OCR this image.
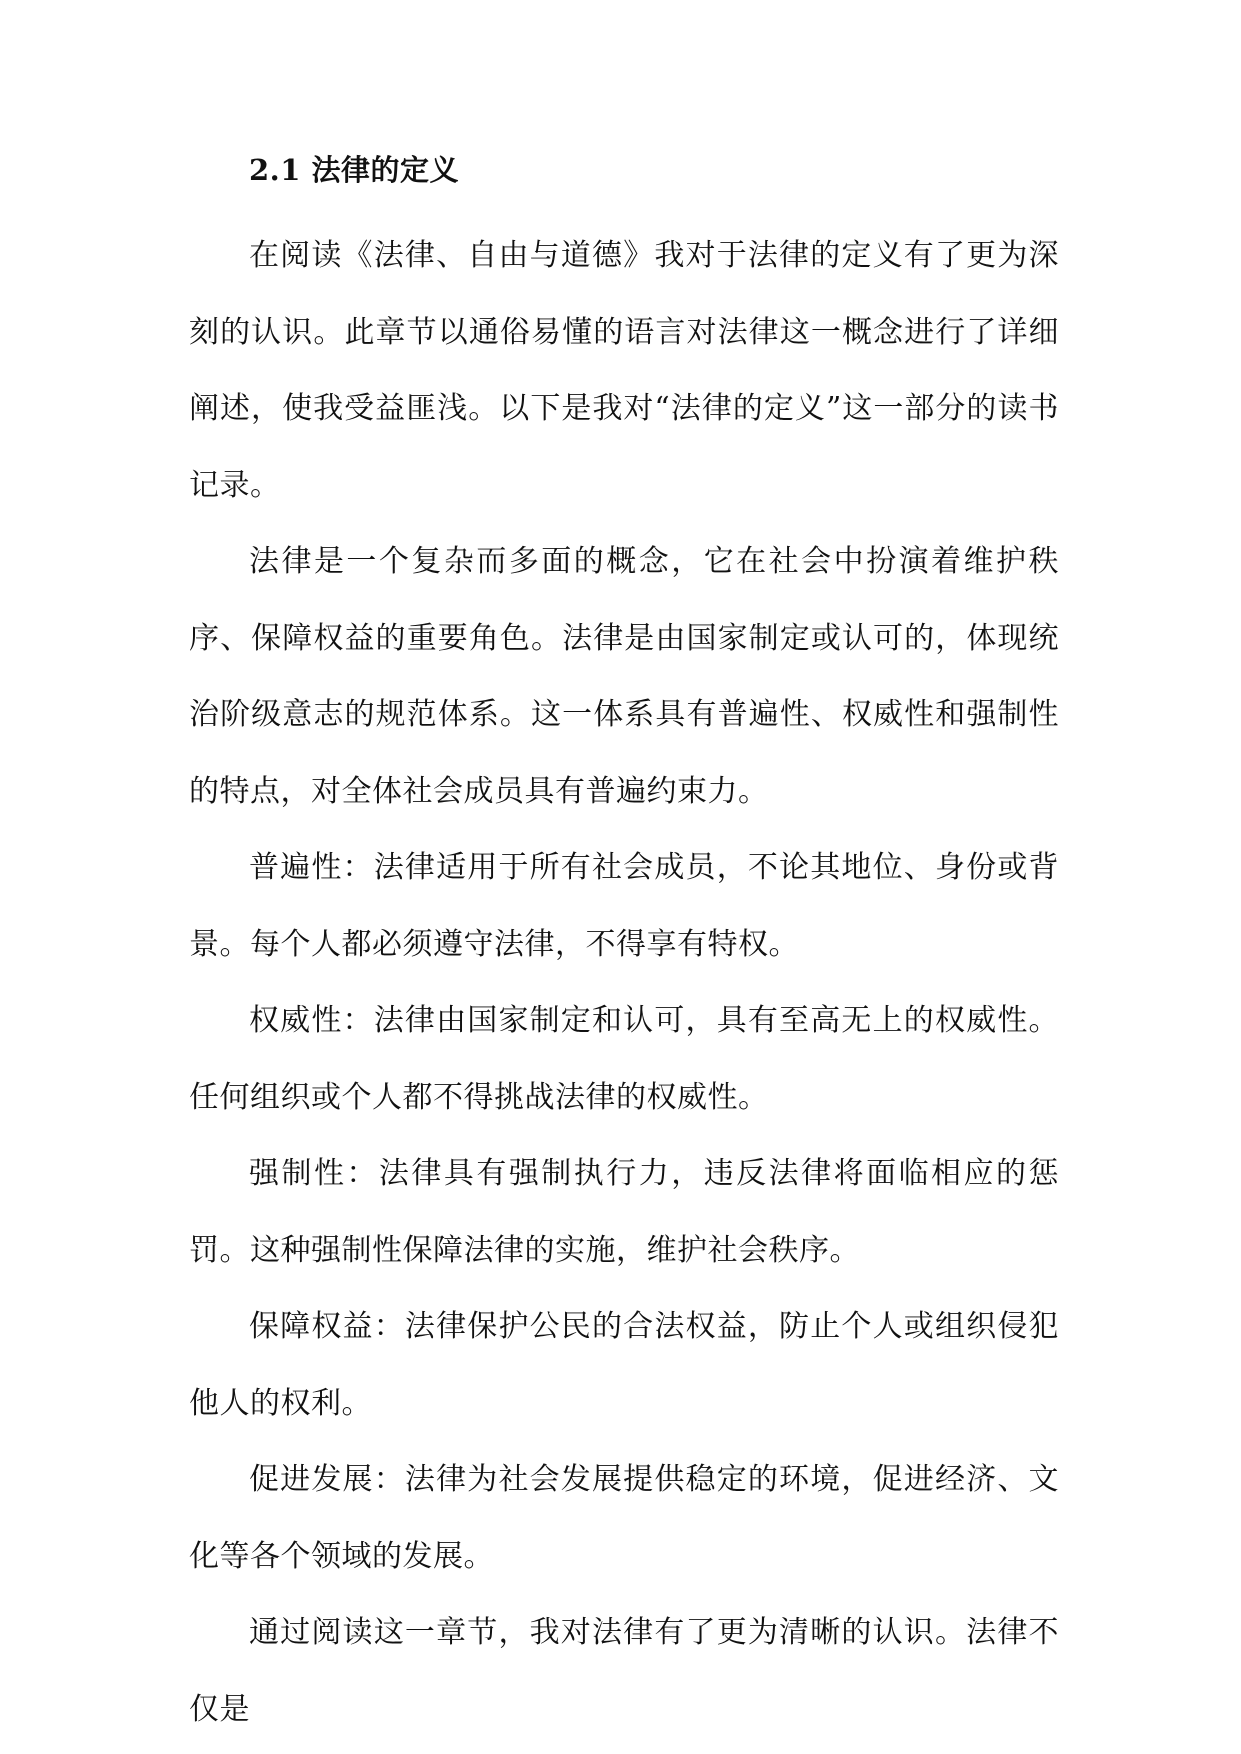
2.1 法律的定义

在阅读《法律、自由与道德》我对于法律的定义有了更为深刻的认识。此章节以通俗易懂的语言对法律这一概念进行了详细阐述，使我受益匪浅。以下是我对“法律的定义”这一部分的读书记录。

法律是一个复杂而多面的概念，它在社会中扮演着维护秩序、保障权益的重要角色。法律是由国家制定或认可的，体现统治阶级意志的规范体系。这一体系具有普遍性、权威性和强制性的特点，对全体社会成员具有普遍约束力。

普遍性：法律适用于所有社会成员，不论其地位、身份或背景。每个人都必须遵守法律，不得享有特权。

权威性：法律由国家制定和认可，具有至高无上的权威性。任何组织或个人都不得挑战法律的权威性。

强制性：法律具有强制执行力，违反法律将面临相应的惩罚。这种强制性保障法律的实施，维护社会秩序。

保障权益：法律保护公民的合法权益，防止个人或组织侵犯他人的权利。

促进发展：法律为社会发展提供稳定的环境，促进经济、文化等各个领域的发展。

通过阅读这一章节，我对法律有了更为清晰的认识。法律不仅是
